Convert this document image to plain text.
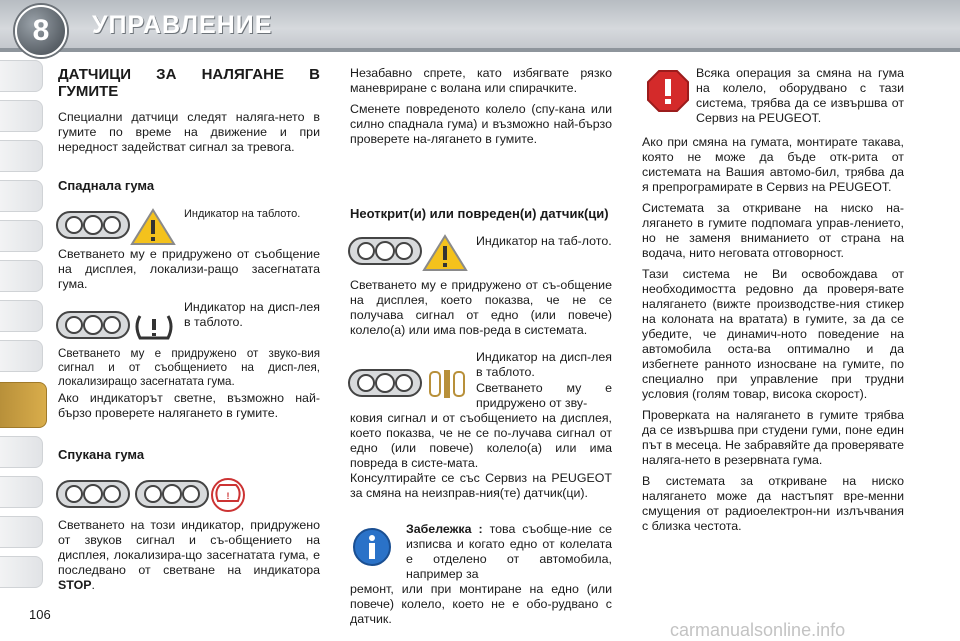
8	УПРАВЛЕНИЕ
ДАТЧИЦИ ЗА НАЛЯГАНЕ В ГУМИТЕ

Специални датчици следят наляга-нето в гумите по време на движение и при нередност задействат сигнал за тревога.

Спаднала гума
Индикатор на таблото.
Светването му е придружено от съобщение на дисплея, локализи-ращо засегнатата гума.
Индикатор на дисп-лея в таблото.
Светването му е придружено от звуко-вия сигнал и от съобщението на дисп-лея, локализиращо засегнатата гума.
Ако индикаторът светне, възможно най-бързо проверете налягането в гумите.
Спукана гума
!
Светването на този индикатор, придружено от звуков сигнал и съ-общението на дисплея, локализира-що засегнатата гума, е последвано от светване на индикатора STOP.
106

Незабавно спрете, като избягвате рязко маневриране с волана или спирачките.

Сменете повреденото колело (спу-кана или силно спаднала гума) и възможно най-бързо проверете на-лягането в гумите.

Неоткрит(и) или повреден(и) датчик(ци)
Индикатор на таб-лото.
Светването му е придружено от съ-общение на дисплея, което показва, че не се получава сигнал от едно (или повече) колело(а) или има пов-реда в системата.
Индикатор на дисп-лея в таблото.
Светването му е придружено от зву-

ковия сигнал и от съобщението на дисплея, което показва, че не се по-лучава сигнал от едно (или повече) колело(а) или има повреда в систе-мата.

Консултирайте се със Сервиз на PEUGEOT за смяна на неизправ-ния(те) датчик(ци).

Забележка : това съобще-ние се изписва и когато едно от колелата е отделено от автомобила, например за
ремонт, или при монтиране на едно (или повече) колело, което не е обо-рудвано с датчик.
Всяка операция за смяна на гума на колело, оборудвано с тази система, трябва да се извършва от Сервиз на PEUGEOT.

Ако при смяна на гумата, монтирате такава, която не може да бъде отк-рита от системата на Вашия автомо-бил, трябва да я препрограмирате в Сервиз на PEUGEOT.

Системата за откриване на ниско на-лягането в гумите подпомага управ-лението, но не заменя вниманието от страна на водача, нито неговата отговорност.

Тази система не Ви освобождава от необходимостта редовно да проверя-вате налягането (вижте производстве-ния стикер на колоната на вратата) в гумите, за да се убедите, че динамич-ното поведение на автомобила оста-ва оптимално и да избегнете ранното износване на гумите, по специално при управление при трудни условия (голям товар, висока скорост).

Проверката на налягането в гумите трябва да се извършва при студени гуми, поне един път в месеца. Не забравяйте да проверявате наляга-нето в резервната гума.

В системата за откриване на ниско налягането може да настъпят вре-менни смущения от радиоелектрон-ни излъчвания с близка честота.

carmanualsonline.info
